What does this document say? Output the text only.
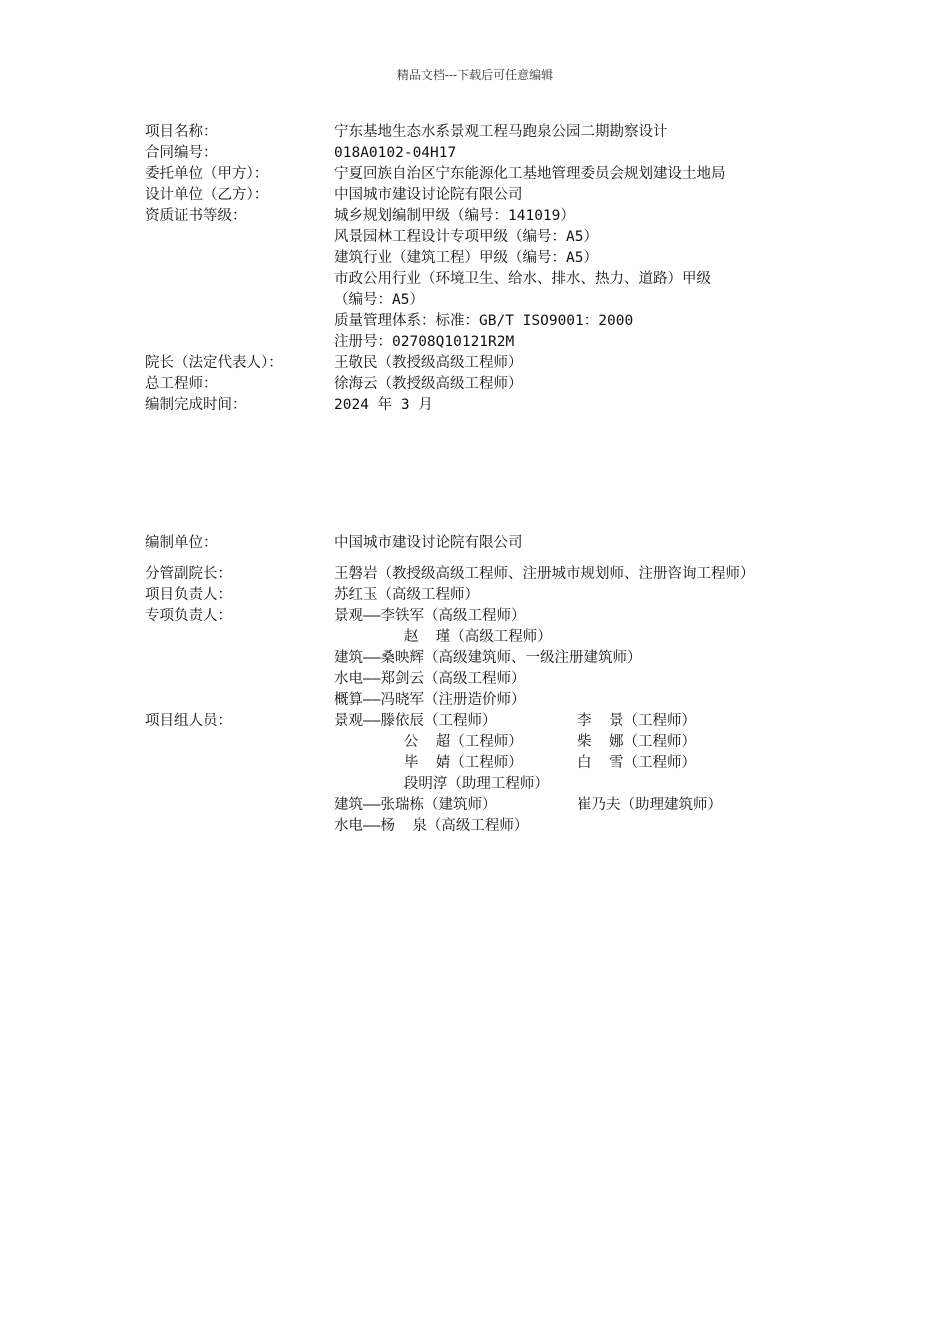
精品文档---下载后可任意编辑
项目名称：	宁东基地生态水系景观工程马跑泉公园二期勘察设计
合同编号：	018A0102-04H17
委托单位（甲方）：	宁夏回族自治区宁东能源化工基地管理委员会规划建设土地局
设计单位（乙方）：	中国城市建设讨论院有限公司
资质证书等级：	城乡规划编制甲级（编号：141019）
风景园林工程设计专项甲级（编号：A5）
建筑行业（建筑工程）甲级（编号：A5）
市政公用行业（环境卫生、给水、排水、热力、道路）甲级
（编号：A5）
质量管理体系：标准：GB/T ISO9001：2000
注册号：02708Q10121R2M
院长（法定代表人）：	王敬民（教授级高级工程师）
总工程师：	徐海云（教授级高级工程师）
编制完成时间：	2024 年 3 月
编制单位：	中国城市建设讨论院有限公司
分管副院长：	王磐岩（教授级高级工程师、注册城市规划师、注册咨询工程师）
项目负责人：	苏红玉（高级工程师）
专项负责人：	景观——李铁军（高级工程师）
赵  瑾（高级工程师）
建筑——桑映辉（高级建筑师、一级注册建筑师）
水电——郑剑云（高级工程师）
概算——冯晓军（注册造价师）
项目组人员：	景观——滕依辰（工程师）	李  景（工程师）
公  超（工程师）	柴  娜（工程师）
毕  婧（工程师）	白  雪（工程师）
段明淳（助理工程师）
建筑——张瑞栋（建筑师）	崔乃夫（助理建筑师）
水电——杨  泉（高级工程师）
